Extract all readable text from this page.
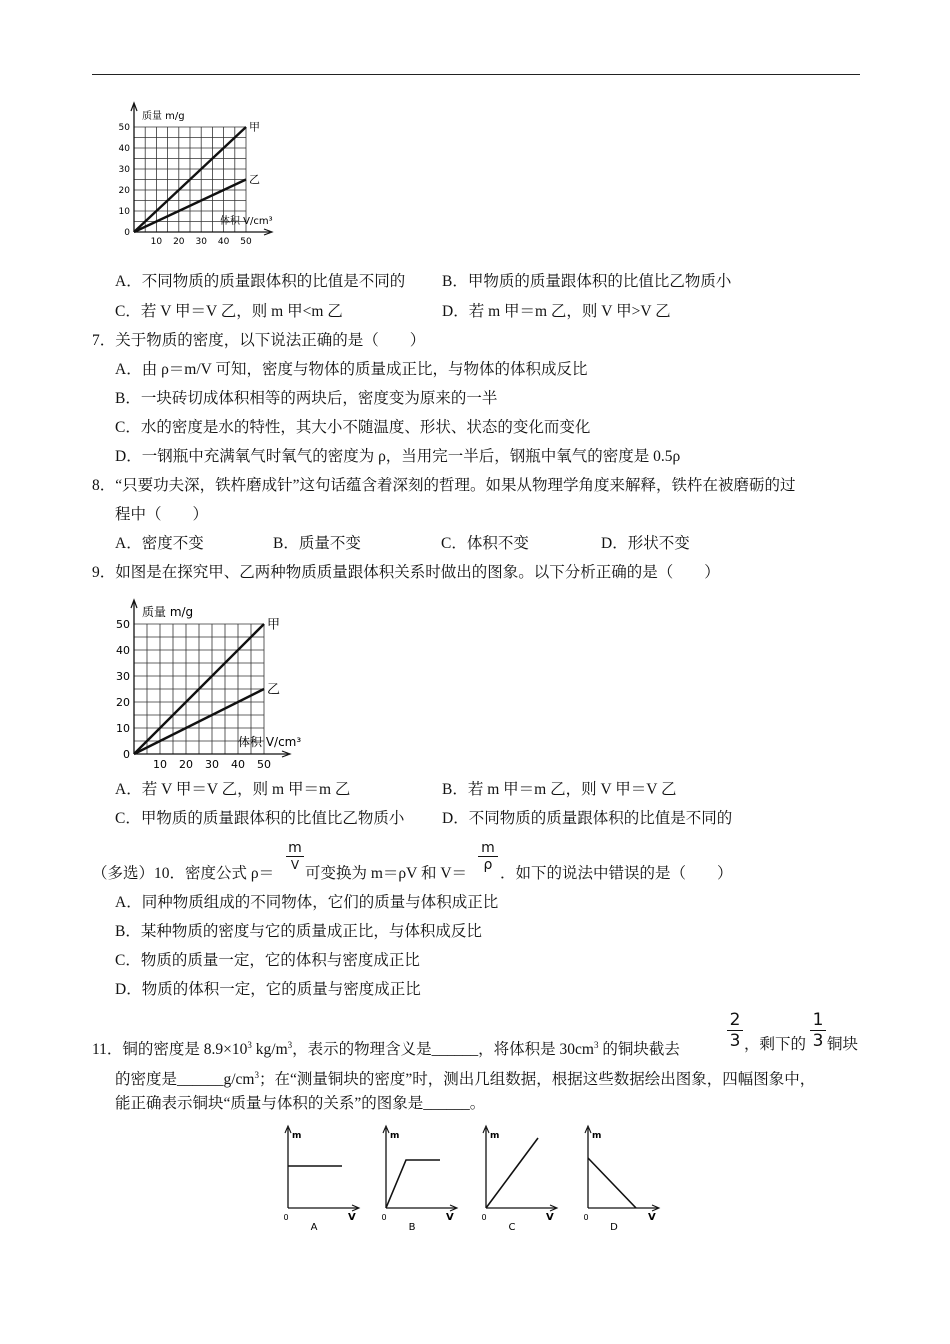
10
20
30
40
50
0
10 20 30 40 50
质量 m/g
体积 V/cm³
甲
乙
A．不同物质的质量跟体积的比值是不同的 B．甲物质的质量跟体积的比值比乙物质小
C．若 V 甲＝V 乙，则 m 甲<m 乙	D．若 m 甲＝m 乙，则 V 甲>V 乙
7．关于物质的密度，以下说法正确的是（　　）
A．由 ρ＝m/V 可知，密度与物体的质量成正比，与物体的体积成反比
B．一块砖切成体积相等的两块后，密度变为原来的一半
C．水的密度是水的特性，其大小不随温度、形状、状态的变化而变化
D．一钢瓶中充满氧气时氧气的密度为 ρ，当用完一半后，钢瓶中氧气的密度是 0.5ρ
8．“只要功夫深，铁杵磨成针”这句话蕴含着深刻的哲理。如果从物理学角度来解释，铁杵在被磨砺的过
程中（　　）
A．密度不变	B．质量不变	C．体积不变	D．形状不变
9．如图是在探究甲、乙两种物质质量跟体积关系时做出的图象。以下分析正确的是（　　）
10
20
30
40
50
0
10 20 30 40 50
质量 m/g
体积 V/cm³
甲
乙
A．若 V 甲＝V 乙，则 m 甲＝m 乙	B．若 m 甲＝m 乙，则 V 甲＝V 乙
C．甲物质的质量跟体积的比值比乙物质小 D．不同物质的质量跟体积的比值是不同的
（多选）10．密度公式 ρ＝
$\frac{m}{V}$
可变换为 m＝ρV 和 V＝
$\frac{m}{\rho}$
．如下的说法中错误的是（　　）
A．同种物质组成的不同物体，它们的质量与体积成正比
B．某种物质的密度与它的质量成正比，与体积成反比
C．物质的质量一定，它的体积与密度成正比
D．物质的体积一定，它的质量与密度成正比
11．铜的密度是 $8.9\times 10^3$ $kg/m^3$，表示的物理含义是______，将体积是 $30cm^3$ 的铜块截去	$\frac{2}{3}$ ，剩下的 $\frac{1}{3}$ 铜块
的密度是$\_\_\_\_\_\_g/cm^3$；在“测量铜块的密度”时，测出几组数据，根据这些数据绘出图象，四幅图象中，
能正确表示铜块“质量与体积的关系”的图象是______。
m
V
0
A
m
V
0
B
m
V
0
C
m
V
0
D
